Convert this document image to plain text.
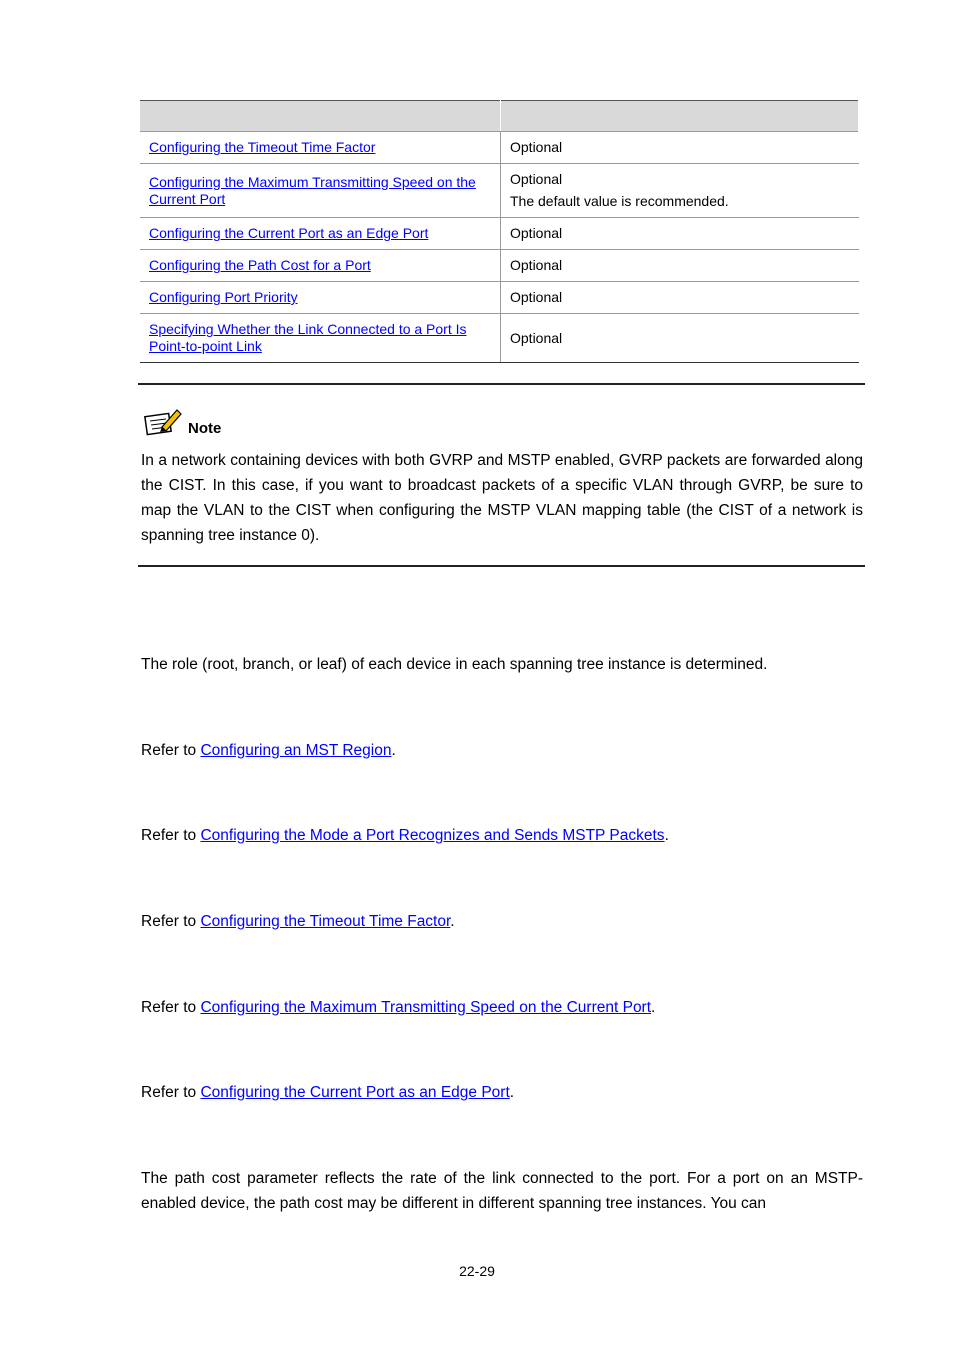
Configuring the Timeout Time Factor	Optional
Configuring the Maximum Transmitting Speed on the Current Port	Optional
The default value is recommended.

Configuring the Current Port as an Edge Port	Optional
Configuring the Path Cost for a Port	Optional
Configuring Port Priority	Optional
Specifying Whether the Link Connected to a Port Is Point-to-point Link	Optional
Note
In a network containing devices with both GVRP and MSTP enabled, GVRP packets are forwarded along the CIST. In this case, if you want to broadcast packets of a specific VLAN through GVRP, be sure to map the VLAN to the CIST when configuring the MSTP VLAN mapping table (the CIST of a network is spanning tree instance 0).
The role (root, branch, or leaf) of each device in each spanning tree instance is determined.
Refer to Configuring an MST Region.
Refer to Configuring the Mode a Port Recognizes and Sends MSTP Packets.
Refer to Configuring the Timeout Time Factor.
Refer to Configuring the Maximum Transmitting Speed on the Current Port.
Refer to Configuring the Current Port as an Edge Port.
The path cost parameter reflects the rate of the link connected to the port. For a port on an MSTP-enabled device, the path cost may be different in different spanning tree instances. You can
22-29
